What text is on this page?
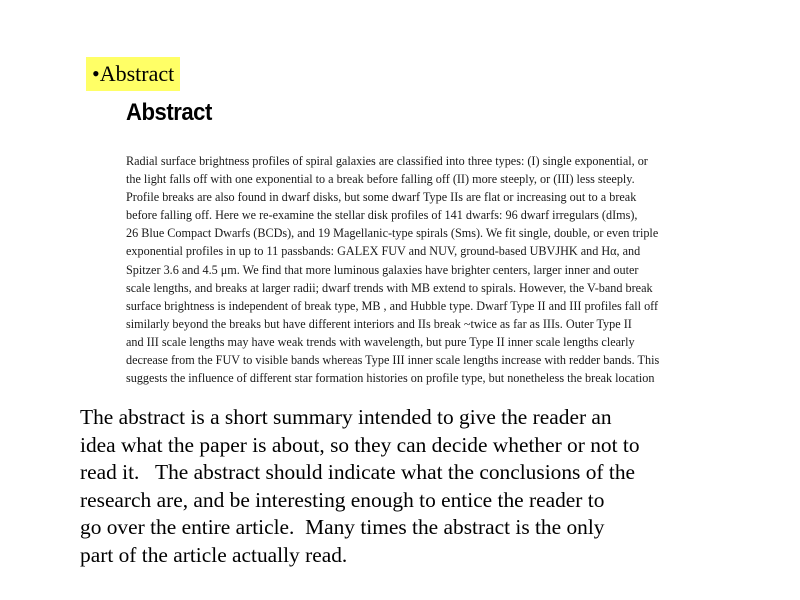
•Abstract
Abstract
Radial surface brightness profiles of spiral galaxies are classified into three types: (I) single exponential, or
the light falls off with one exponential to a break before falling off (II) more steeply, or (III) less steeply.
Profile breaks are also found in dwarf disks, but some dwarf Type IIs are flat or increasing out to a break
before falling off. Here we re-examine the stellar disk profiles of 141 dwarfs: 96 dwarf irregulars (dIms),
26 Blue Compact Dwarfs (BCDs), and 19 Magellanic-type spirals (Sms). We fit single, double, or even triple
exponential profiles in up to 11 passbands: GALEX FUV and NUV, ground-based UBVJHK and Hα, and
Spitzer 3.6 and 4.5 μm. We find that more luminous galaxies have brighter centers, larger inner and outer
scale lengths, and breaks at larger radii; dwarf trends with MB extend to spirals. However, the V-band break
surface brightness is independent of break type, MB , and Hubble type. Dwarf Type II and III profiles fall off
similarly beyond the breaks but have different interiors and IIs break ~twice as far as IIIs. Outer Type II
and III scale lengths may have weak trends with wavelength, but pure Type II inner scale lengths clearly
decrease from the FUV to visible bands whereas Type III inner scale lengths increase with redder bands. This
suggests the influence of different star formation histories on profile type, but nonetheless the break location
The abstract is a short summary intended to give the reader an
idea what the paper is about, so they can decide whether or not to
read it.   The abstract should indicate what the conclusions of the
research are, and be interesting enough to entice the reader to
go over the entire article.  Many times the abstract is the only
part of the article actually read.
